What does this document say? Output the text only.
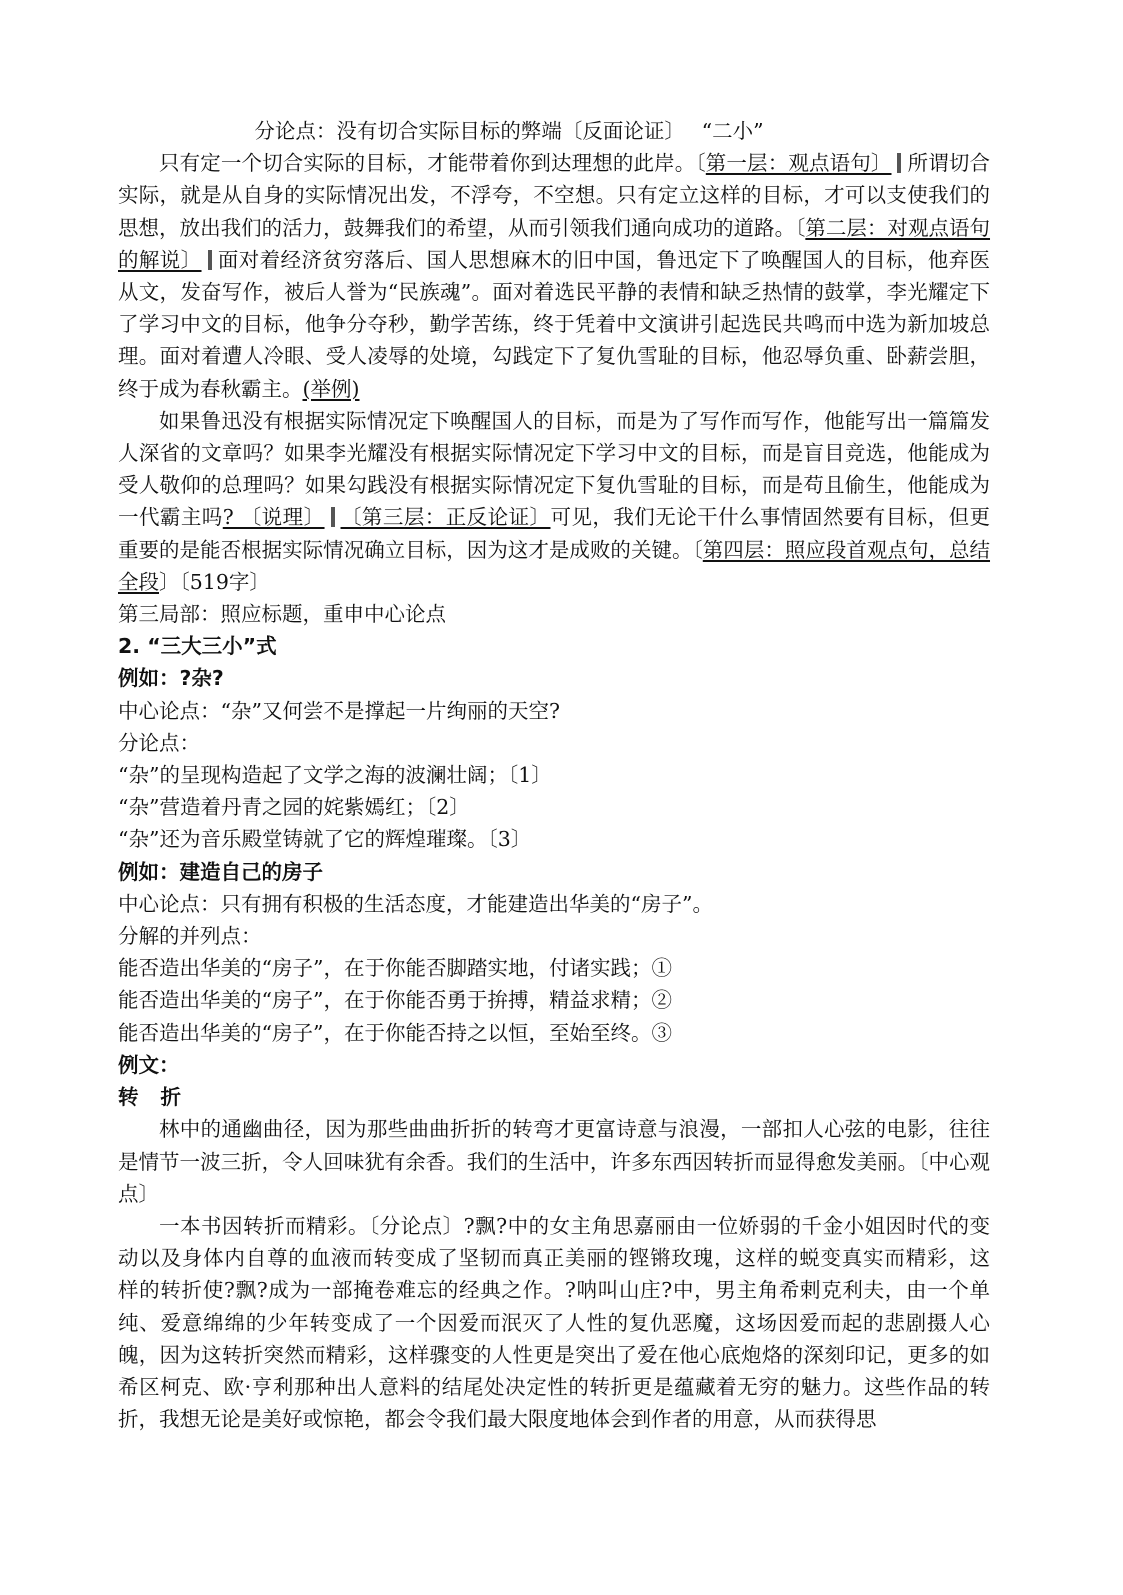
分论点：没有切合实际目标的弊端〔反面论证〕　 “二小”

只有定一个切合实际的目标，才能带着你到达理想的此岸。〔第一层：观点语句〕 所谓切合实际，就是从自身的实际情况出发，不浮夸，不空想。只有定立这样的目标，才可以支使我们的思想，放出我们的活力，鼓舞我们的希望，从而引领我们通向成功的道路。〔第二层：对观点语句的解说〕 面对着经济贫穷落后、国人思想麻木的旧中国，鲁迅定下了唤醒国人的目标，他弃医从文，发奋写作，被后人誉为“民族魂”。面对着选民平静的表情和缺乏热情的鼓掌，李光耀定下了学习中文的目标，他争分夺秒，勤学苦练，终于凭着中文演讲引起选民共鸣而中选为新加坡总理。面对着遭人冷眼、受人凌辱的处境，勾践定下了复仇雪耻的目标，他忍辱负重、卧薪尝胆，终于成为春秋霸主。(举例)

如果鲁迅没有根据实际情况定下唤醒国人的目标，而是为了写作而写作，他能写出一篇篇发人深省的文章吗？如果李光耀没有根据实际情况定下学习中文的目标，而是盲目竞选，他能成为受人敬仰的总理吗？如果勾践没有根据实际情况定下复仇雪耻的目标，而是苟且偷生，他能成为一代霸主吗? 〔说理〕 〔第三层：正反论证〕可见，我们无论干什么事情固然要有目标，但更重要的是能否根据实际情况确立目标，因为这才是成败的关键。〔第四层：照应段首观点句，总结全段〕〔519字〕

第三局部：照应标题，重申中心论点

2. “三大三小”式

例如：?杂?

中心论点：“杂”又何尝不是撑起一片绚丽的天空?

分论点：

“杂”的呈现构造起了文学之海的波澜壮阔；〔1〕

“杂”营造着丹青之园的姹紫嫣红；〔2〕

“杂”还为音乐殿堂铸就了它的辉煌璀璨。〔3〕

例如：建造自己的房子

中心论点：只有拥有积极的生活态度，才能建造出华美的“房子”。

分解的并列点：

能否造出华美的“房子”，在于你能否脚踏实地，付诸实践；①

能否造出华美的“房子”，在于你能否勇于拚搏，精益求精；②

能否造出华美的“房子”，在于你能否持之以恒，至始至终。③

例文：

转折

林中的通幽曲径，因为那些曲曲折折的转弯才更富诗意与浪漫，一部扣人心弦的电影，往往是情节一波三折，令人回味犹有余香。我们的生活中，许多东西因转折而显得愈发美丽。〔中心观点〕

一本书因转折而精彩。〔分论点〕?飘?中的女主角思嘉丽由一位娇弱的千金小姐因时代的变动以及身体内自尊的血液而转变成了坚韧而真正美丽的铿锵玫瑰，这样的蜕变真实而精彩，这　样的转折使?飘?成为一部掩卷难忘的经典之作。?呐叫山庄?中，男主角希剌克利夫，由一个单纯、爱意绵绵的少年转变成了一个因爱而泯灭了人性的复仇恶魔，这场因爱而起的悲剧摄人心魄，因为这转折突然而精彩，这样骤变的人性更是突出了爱在他心底炮烙的深刻印记，更多的如希区柯克、欧·亨利那种出人意料的结尾处决定性的转折更是蕴藏着无穷的魅力。这些作品的转折，我想无论是美好或惊艳，都会令我们最大限度地体会到作者的用意，从而获得思
